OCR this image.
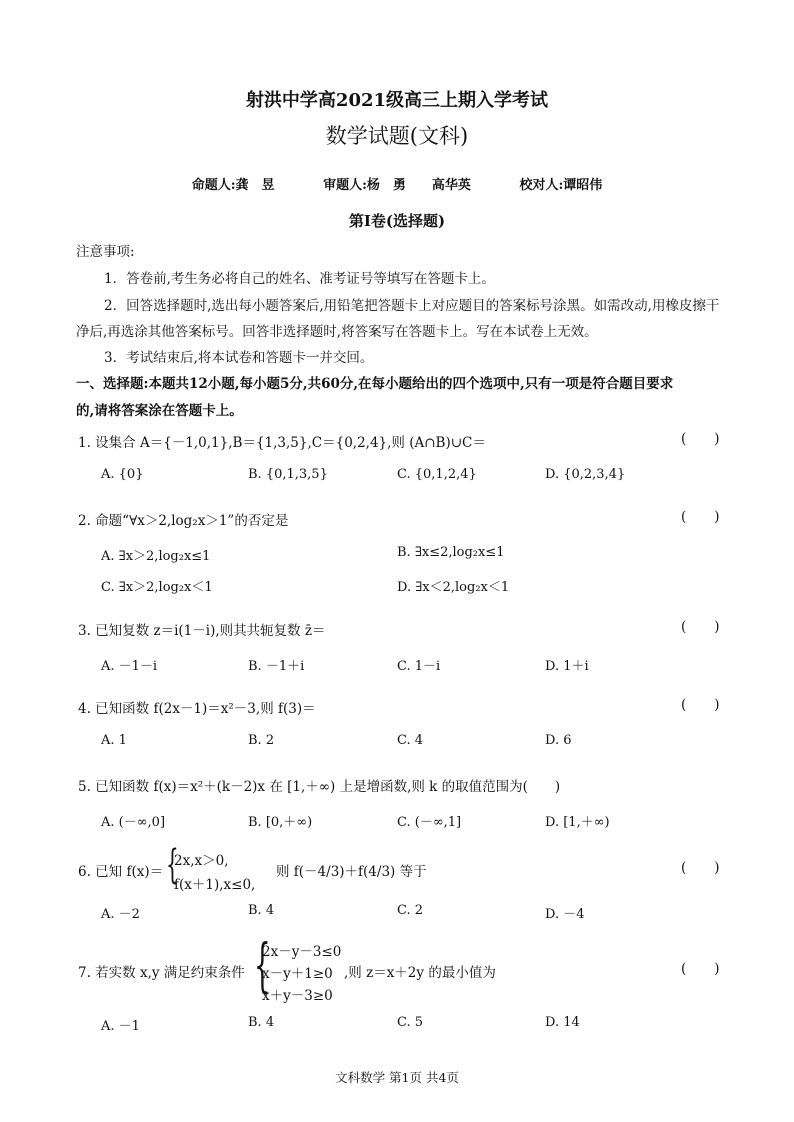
射洪中学高2021级高三上期入学考试
数学试题(文科)
命题人:龚　昱	审题人:杨　勇　　高华英	校对人:谭昭伟
第Ⅰ卷(选择题)
注意事项:
1．答卷前,考生务必将自己的姓名、准考证号等填写在答题卡上。
2．回答选择题时,选出每小题答案后,用铅笔把答题卡上对应题目的答案标号涂黑。如需改动,用橡皮擦干
净后,再选涂其他答案标号。回答非选择题时,将答案写在答题卡上。写在本试卷上无效。
3．考试结束后,将本试卷和答题卡一并交回。
一、选择题:本题共12小题,每小题5分,共60分,在每小题给出的四个选项中,只有一项是符合题目要求
的,请将答案涂在答题卡上。
1. 设集合 A＝{－1,0,1},B＝{1,3,5},C＝{0,2,4},则 (A∩B)∪C＝	()
A. {0}	B. {0,1,3,5}	C. {0,1,2,4}	D. {0,2,3,4}
2. 命题“∀x＞2,log₂x＞1”的否定是	()
A. ∃x＞2,log₂x≤1	B. ∃x≤2,log₂x≤1
C. ∃x＞2,log₂x＜1	D. ∃x＜2,log₂x＜1
3. 已知复数 z＝i(1－i),则其共轭复数 z̄＝	()
A. －1－i	B. －1＋i	C. 1－i	D. 1＋i
4. 已知函数 f(2x－1)＝x²－3,则 f(3)＝	()
A. 1	B. 2	C. 4	D. 6
5. 已知函数 f(x)＝x²＋(k－2)x 在 [1,＋∞) 上是增函数,则 k 的取值范围为(　　)
A. (－∞,0]	B. [0,＋∞)	C. (－∞,1]	D. [1,＋∞)
6. 已知 f(x)＝ {
2x,x＞0,
f(x＋1),x≤0,
则 f(－4/3)＋f(4/3) 等于	()
A. －2	B. 4	C. 2	D. －4
7. 若实数 x,y 满足约束条件 {
2x－y－3≤0
x－y＋1≥0
x＋y－3≥0
,则 z＝x＋2y 的最小值为	()
A. －1	B. 4	C. 5	D. 14
文科数学 第1页 共4页
